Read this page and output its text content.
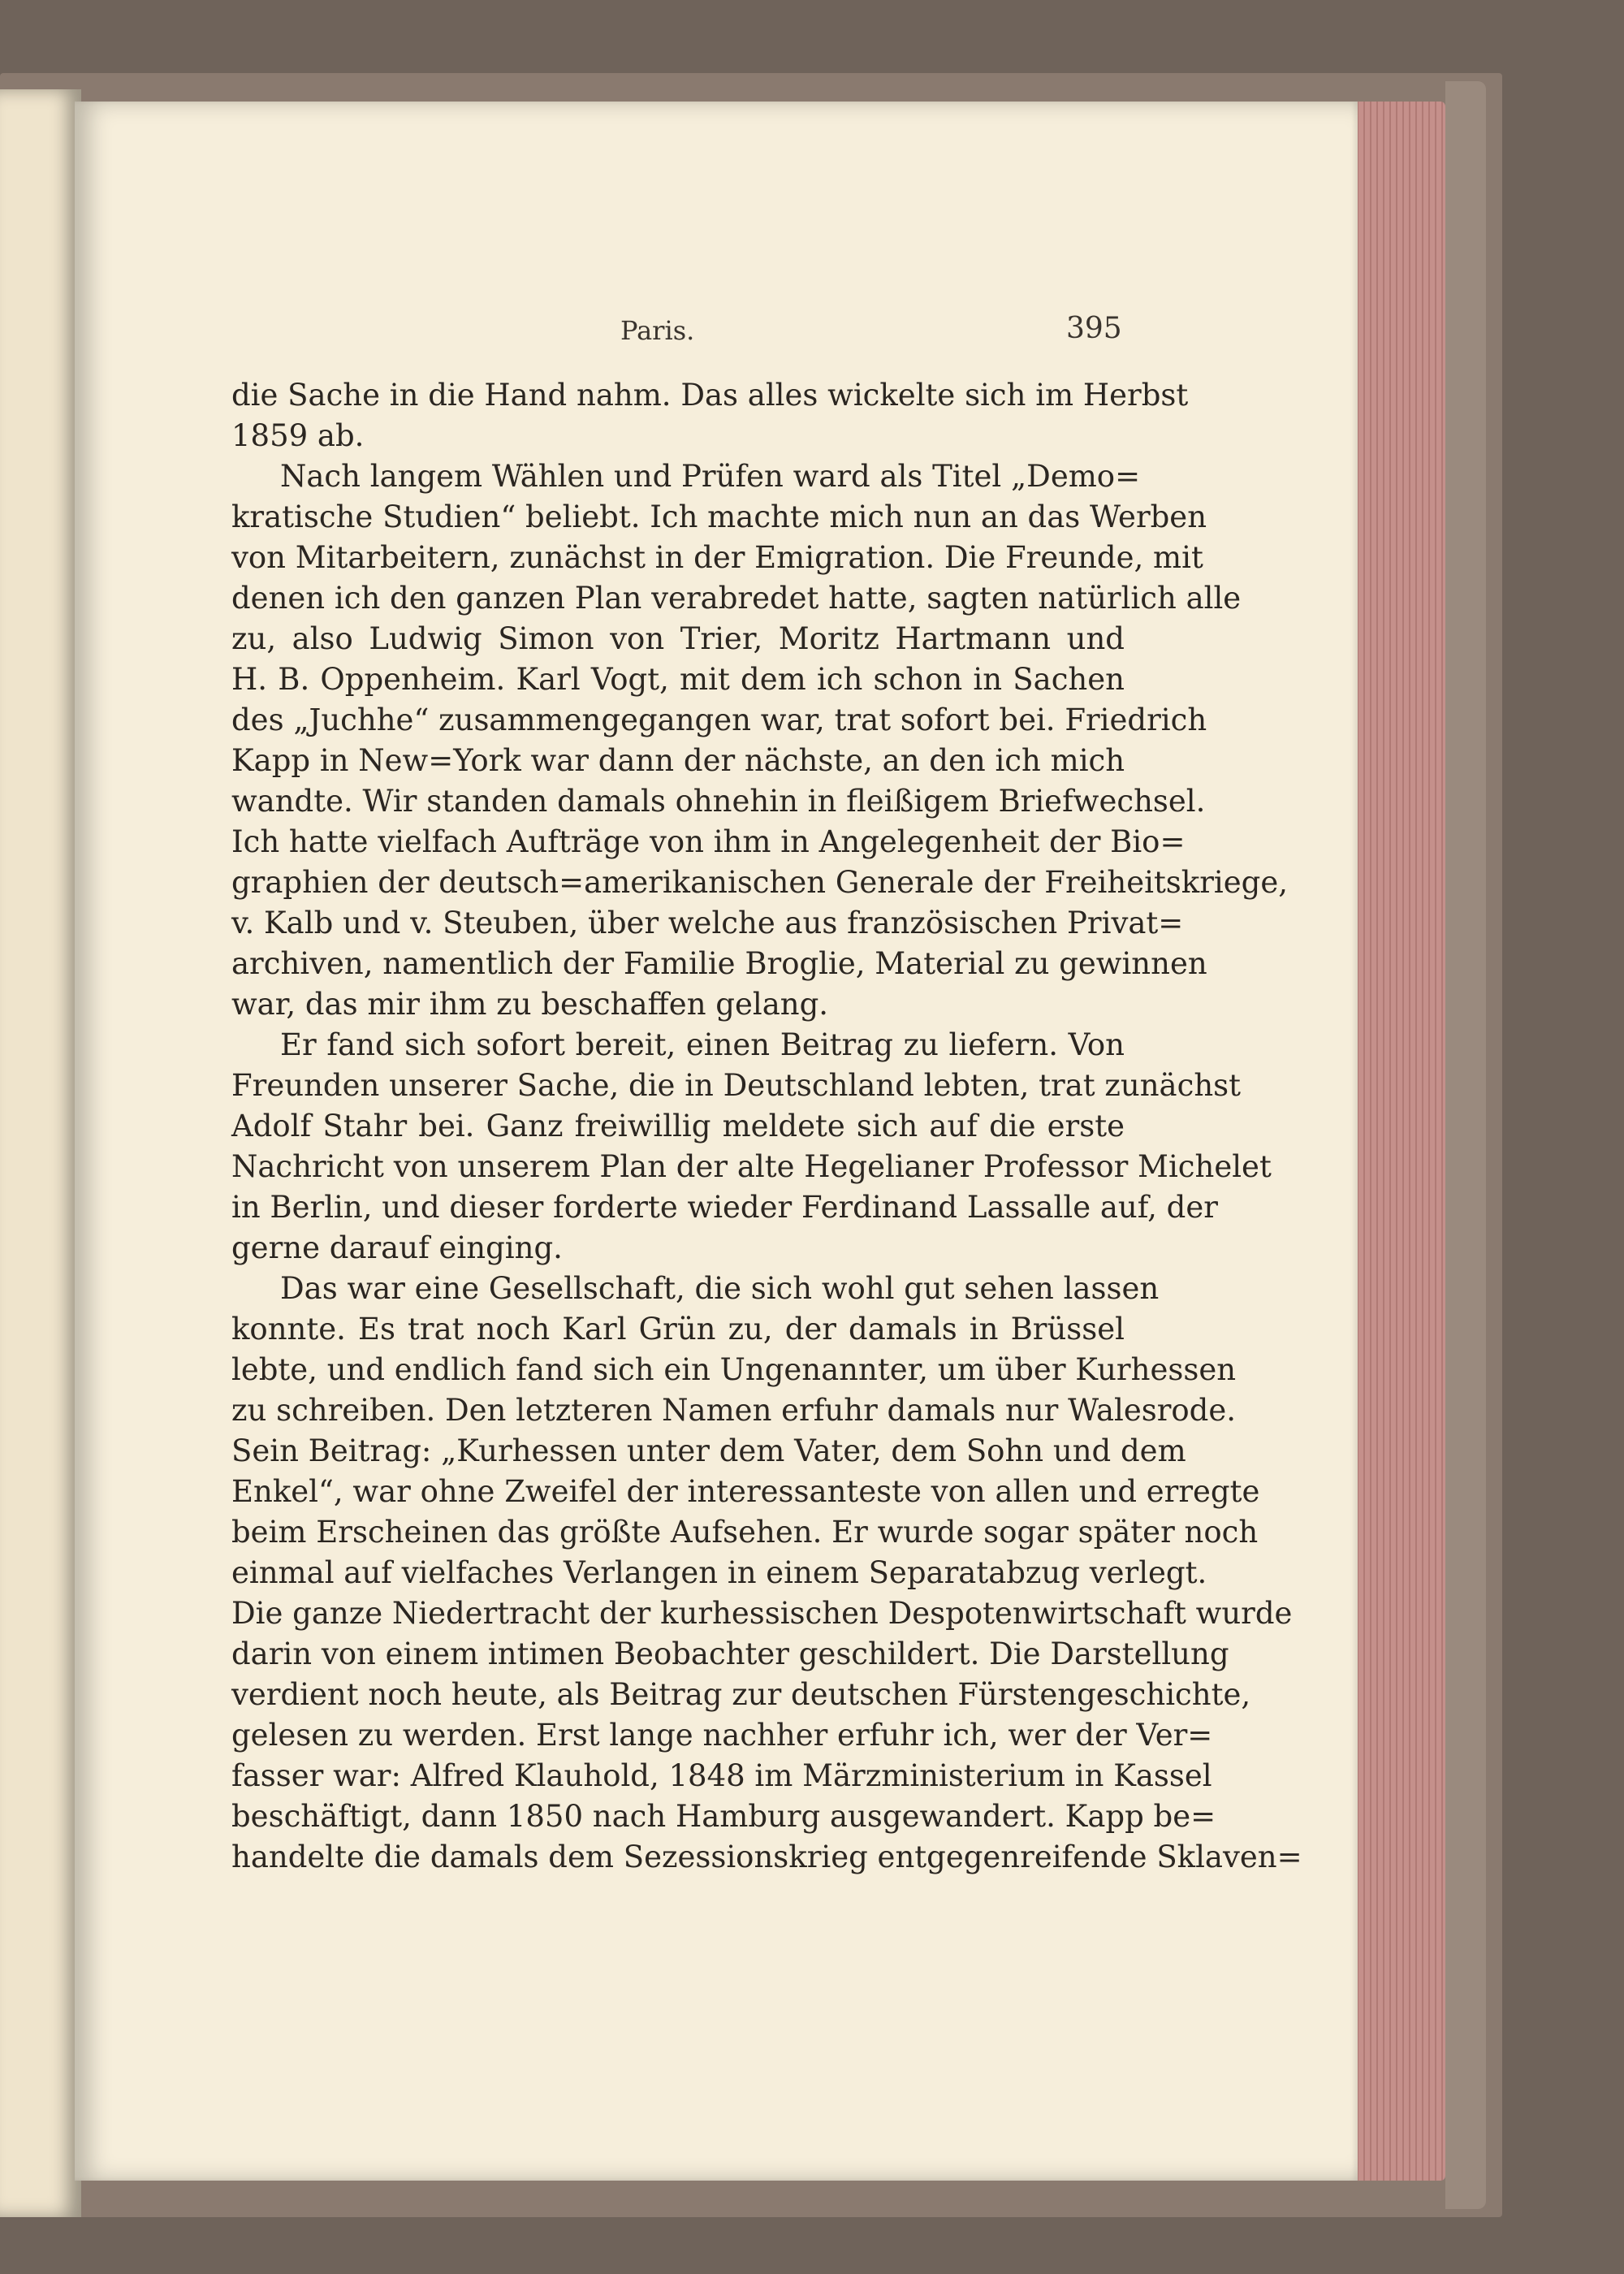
Paris.	395
die Sache in die Hand nahm. Das alles wickelte sich im Herbst
1859 ab.
Nach langem Wählen und Prüfen ward als Titel „Demo=
kratische Studien“ beliebt. Ich machte mich nun an das Werben
von Mitarbeitern, zunächst in der Emigration. Die Freunde, mit
denen ich den ganzen Plan verabredet hatte, sagten natürlich alle
zu, also Ludwig Simon von Trier, Moritz Hartmann und
H. B. Oppenheim. Karl Vogt, mit dem ich schon in Sachen
des „Juchhe“ zusammengegangen war, trat sofort bei. Friedrich
Kapp in New=York war dann der nächste, an den ich mich
wandte. Wir standen damals ohnehin in fleißigem Briefwechsel.
Ich hatte vielfach Aufträge von ihm in Angelegenheit der Bio=
graphien der deutsch=amerikanischen Generale der Freiheitskriege,
v. Kalb und v. Steuben, über welche aus französischen Privat=
archiven, namentlich der Familie Broglie, Material zu gewinnen
war, das mir ihm zu beschaffen gelang.
Er fand sich sofort bereit, einen Beitrag zu liefern. Von
Freunden unserer Sache, die in Deutschland lebten, trat zunächst
Adolf Stahr bei. Ganz freiwillig meldete sich auf die erste
Nachricht von unserem Plan der alte Hegelianer Professor Michelet
in Berlin, und dieser forderte wieder Ferdinand Lassalle auf, der
gerne darauf einging.
Das war eine Gesellschaft, die sich wohl gut sehen lassen
konnte. Es trat noch Karl Grün zu, der damals in Brüssel
lebte, und endlich fand sich ein Ungenannter, um über Kurhessen
zu schreiben. Den letzteren Namen erfuhr damals nur Walesrode.
Sein Beitrag: „Kurhessen unter dem Vater, dem Sohn und dem
Enkel“, war ohne Zweifel der interessanteste von allen und erregte
beim Erscheinen das größte Aufsehen. Er wurde sogar später noch
einmal auf vielfaches Verlangen in einem Separatabzug verlegt.
Die ganze Niedertracht der kurhessischen Despotenwirtschaft wurde
darin von einem intimen Beobachter geschildert. Die Darstellung
verdient noch heute, als Beitrag zur deutschen Fürstengeschichte,
gelesen zu werden. Erst lange nachher erfuhr ich, wer der Ver=
fasser war: Alfred Klauhold, 1848 im Märzministerium in Kassel
beschäftigt, dann 1850 nach Hamburg ausgewandert. Kapp be=
handelte die damals dem Sezessionskrieg entgegenreifende Sklaven=
